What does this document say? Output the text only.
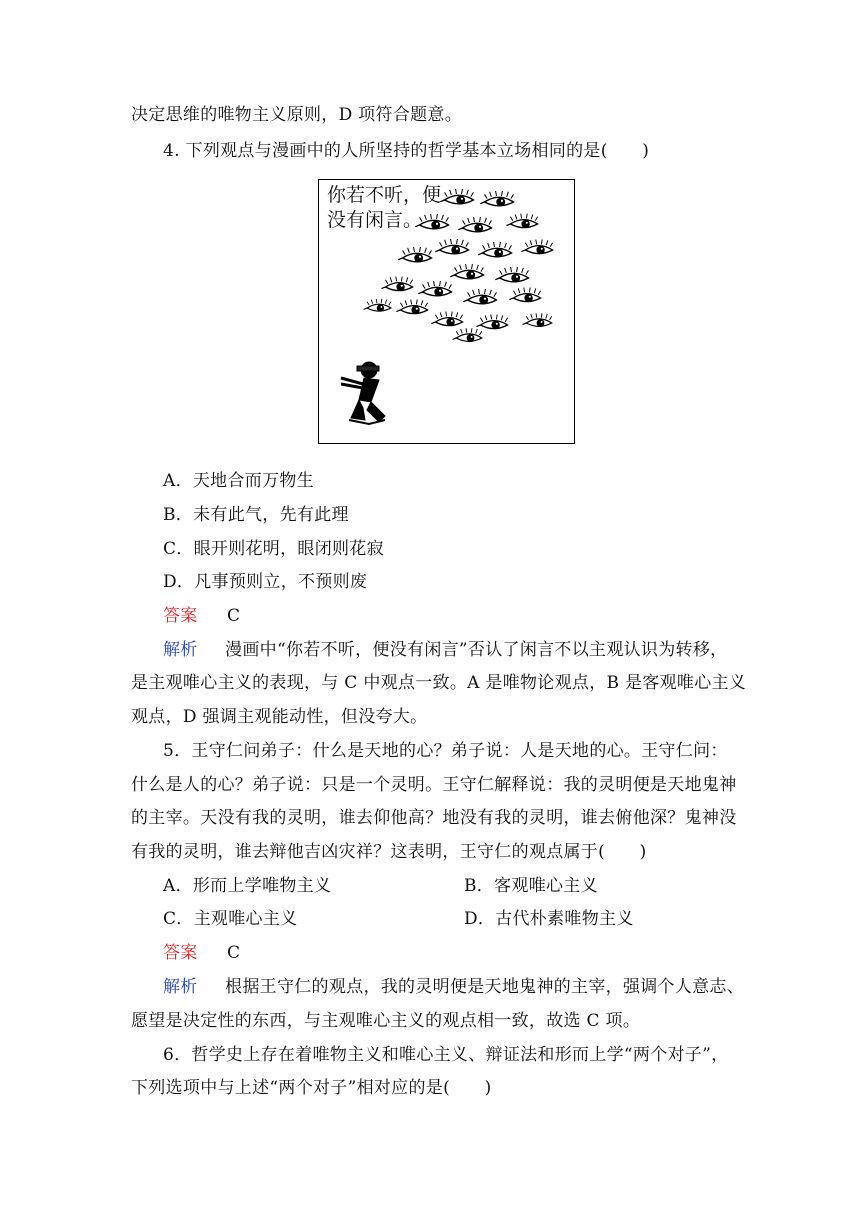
决定思维的唯物主义原则，D 项符合题意。
4. 下列观点与漫画中的人所坚持的哲学基本立场相同的是(　　)
你若不听，便
没有闲言。
A．天地合而万物生
B．未有此气，先有此理
C．眼开则花明，眼闭则花寂
D．凡事预则立，不预则废
答案 C
解析 漫画中“你若不听，便没有闲言”否认了闲言不以主观认识为转移，
是主观唯心主义的表现，与 C 中观点一致。A 是唯物论观点，B 是客观唯心主义
观点，D 强调主观能动性，但没夸大。
5．王守仁问弟子：什么是天地的心？弟子说：人是天地的心。王守仁问：
什么是人的心？弟子说：只是一个灵明。王守仁解释说：我的灵明便是天地鬼神
的主宰。天没有我的灵明，谁去仰他高？地没有我的灵明，谁去俯他深？鬼神没
有我的灵明，谁去辩他吉凶灾祥？这表明，王守仁的观点属于(　　)
A．形而上学唯物主义	B．客观唯心主义
C．主观唯心主义	D．古代朴素唯物主义
答案 C
解析 根据王守仁的观点，我的灵明便是天地鬼神的主宰，强调个人意志、
愿望是决定性的东西，与主观唯心主义的观点相一致，故选 C 项。
6．哲学史上存在着唯物主义和唯心主义、辩证法和形而上学“两个对子”，
下列选项中与上述“两个对子”相对应的是(　　)
